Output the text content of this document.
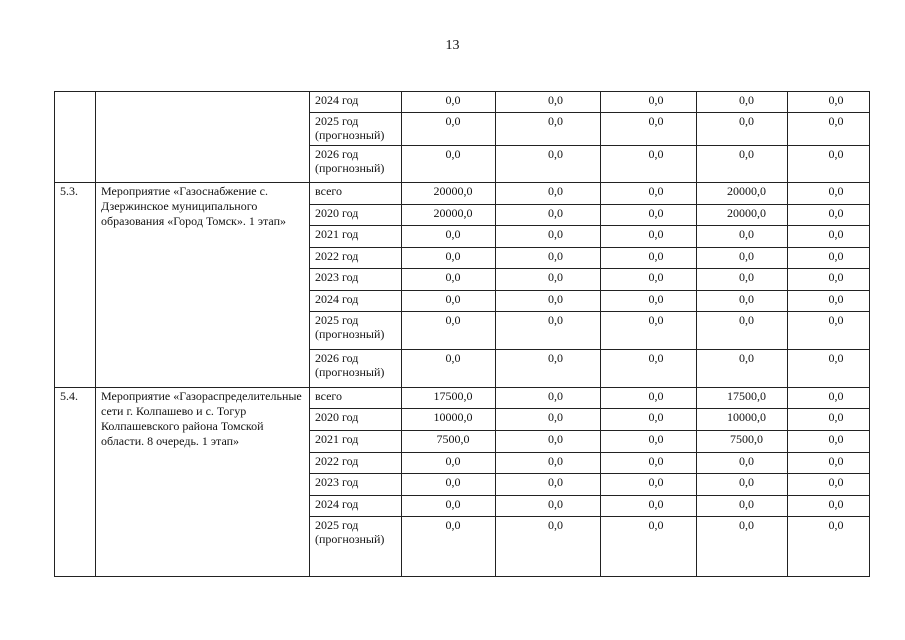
13
		2024 год	0,0	0,0	0,0	0,0	0,0

		2025 год (прогнозный)	0,0	0,0	0,0	0,0	0,0

		2026 год (прогнозный)	0,0	0,0	0,0	0,0	0,0

5.3.	Мероприятие «Газоснабжение с. Дзержинское муниципального образования «Город Томск». 1 этап»	всего	20000,0	0,0	0,0	20000,0	0,0

		2020 год	20000,0	0,0	0,0	20000,0	0,0

		2021 год	0,0	0,0	0,0	0,0	0,0

		2022 год	0,0	0,0	0,0	0,0	0,0

		2023 год	0,0	0,0	0,0	0,0	0,0

		2024 год	0,0	0,0	0,0	0,0	0,0

		2025 год (прогнозный)	0,0	0,0	0,0	0,0	0,0

		2026 год (прогнозный)	0,0	0,0	0,0	0,0	0,0

5.4.	Мероприятие «Газораспределительные сети г. Колпашево и с. Тогур Колпашевского района Томской области. 8 очередь. 1 этап»	всего	17500,0	0,0	0,0	17500,0	0,0

		2020 год	10000,0	0,0	0,0	10000,0	0,0

		2021 год	7500,0	0,0	0,0	7500,0	0,0

		2022 год	0,0	0,0	0,0	0,0	0,0

		2023 год	0,0	0,0	0,0	0,0	0,0

		2024 год	0,0	0,0	0,0	0,0	0,0

		2025 год (прогнозный)	0,0	0,0	0,0	0,0	0,0
